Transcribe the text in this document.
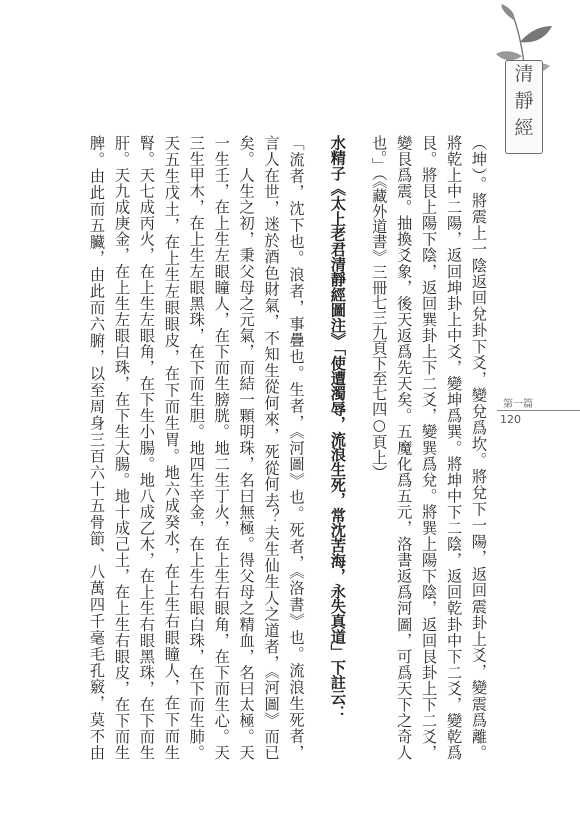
清
靜
經
第一篇
120
（坤）。將震上一陰返回兌卦下爻，變兌爲坎。將兌下一陽，返回震卦上爻，變震爲離。
將乾上中二陽，返回坤卦上中爻，變坤爲巽。將坤中下二陰，返回乾卦中下二爻，變乾爲
艮。將艮上陽下陰，返回巽卦上下二爻，變巽爲兌。將巽上陽下陰，返回艮卦上下二爻，
變艮爲震。抽換爻象，後天返爲先天矣。五魔化爲五元，洛書返爲河圖，可爲天下之奇人
也。」（《藏外道書》三冊七三九頁下至七四○頁上）
水精子《太上老君清靜經圖注》「使遭濁辱，流浪生死，常沈苦海，永失真道」下註云：
「流者，沈下也。浪者，事疊也。生者，《河圖》也。死者，《洛書》也。流浪生死者，
言人在世，迷於酒色財氣，不知生從何來，死從何去？夫生仙生人之道者，《河圖》而已
矣。人生之初，秉父母之元氣，而結一顆明珠，名曰無極。得父母之精血，名曰太極。天
一生壬，在上生左眼瞳人，在下而生膀胱。地二生丁火，在上生右眼角，在下而生心。天
三生甲木，在上生左眼黑珠，在下而生胆。地四生辛金，在上生右眼白珠，在下而生肺。
天五生戊土，在上生左眼眼皮，在下而生胃。地六成癸水，在上生右眼瞳人，在下而生
腎。天七成丙火，在上生左眼角，在下生小腸。地八成乙木，在上生右眼黑珠，在下而生
肝。天九成庚金，在上生左眼白珠，在下生大腸。地十成己土，在上生右眼皮，在下而生
脾。由此而五臟，由此而六腑，以至周身三百六十五骨節、八萬四千毫毛孔竅，莫不由
